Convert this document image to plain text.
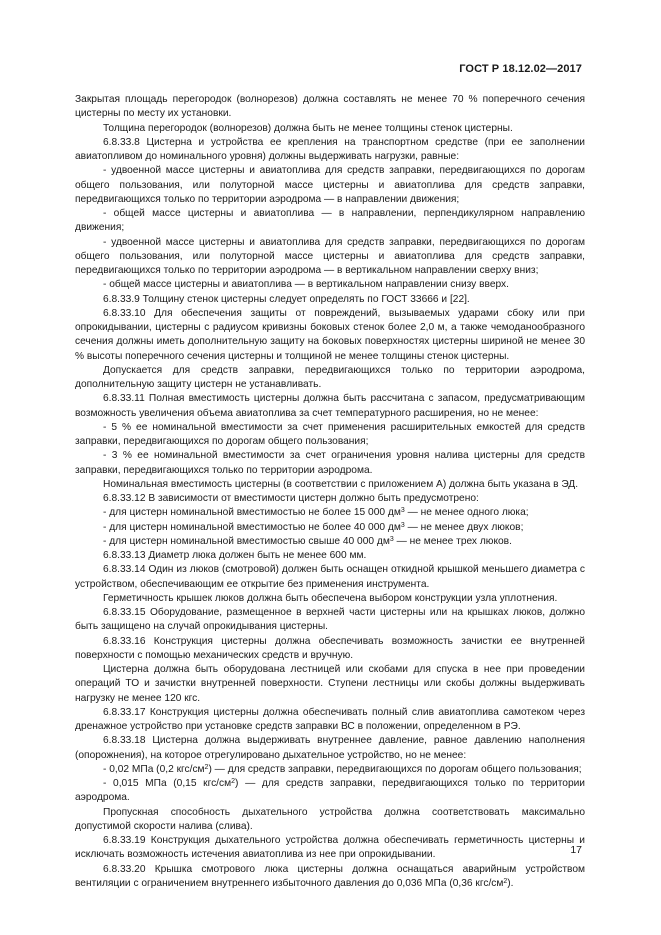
ГОСТ Р 18.12.02—2017

Закрытая площадь перегородок (волнорезов) должна составлять не менее 70 % поперечного сечения цистерны по месту их установки.

Толщина перегородок (волнорезов) должна быть не менее толщины стенок цистерны.

6.8.33.8 Цистерна и устройства ее крепления на транспортном средстве (при ее заполнении авиатопливом до номинального уровня) должны выдерживать нагрузки, равные:

- удвоенной массе цистерны и авиатоплива для средств заправки, передвигающихся по дорогам общего пользования, или полуторной массе цистерны и авиатоплива для средств заправки, передвигающихся только по территории аэродрома — в направлении движения;

- общей массе цистерны и авиатоплива — в направлении, перпендикулярном направлению движения;

- удвоенной массе цистерны и авиатоплива для средств заправки, передвигающихся по дорогам общего пользования, или полуторной массе цистерны и авиатоплива для средств заправки, передвигающихся только по территории аэродрома — в вертикальном направлении сверху вниз;

- общей массе цистерны и авиатоплива — в вертикальном направлении снизу вверх.

6.8.33.9 Толщину стенок цистерны следует определять по ГОСТ 33666 и [22].

6.8.33.10 Для обеспечения защиты от повреждений, вызываемых ударами сбоку или при опрокидывании, цистерны с радиусом кривизны боковых стенок более 2,0 м, а также чемоданообразного сечения должны иметь дополнительную защиту на боковых поверхностях цистерны шириной не менее 30 % высоты поперечного сечения цистерны и толщиной не менее толщины стенок цистерны.

Допускается для средств заправки, передвигающихся только по территории аэродрома, дополнительную защиту цистерн не устанавливать.

6.8.33.11 Полная вместимость цистерны должна быть рассчитана с запасом, предусматривающим возможность увеличения объема авиатоплива за счет температурного расширения, но не менее:

- 5 % ее номинальной вместимости за счет применения расширительных емкостей для средств заправки, передвигающихся по дорогам общего пользования;

- 3 % ее номинальной вместимости за счет ограничения уровня налива цистерны для средств заправки, передвигающихся только по территории аэродрома.

Номинальная вместимость цистерны (в соответствии с приложением А) должна быть указана в ЭД.

6.8.33.12 В зависимости от вместимости цистерн должно быть предусмотрено:

- для цистерн номинальной вместимостью не более 15 000 $дм^3$ — не менее одного люка;

- для цистерн номинальной вместимостью не более 40 000 $дм^3$ — не менее двух люков;

- для цистерн номинальной вместимостью свыше 40 000 $дм^3$ — не менее трех люков.

6.8.33.13 Диаметр люка должен быть не менее 600 мм.

6.8.33.14 Один из люков (смотровой) должен быть оснащен откидной крышкой меньшего диаметра с устройством, обеспечивающим ее открытие без применения инструмента.

Герметичность крышек люков должна быть обеспечена выбором конструкции узла уплотнения.

6.8.33.15 Оборудование, размещенное в верхней части цистерны или на крышках люков, должно быть защищено на случай опрокидывания цистерны.

6.8.33.16 Конструкция цистерны должна обеспечивать возможность зачистки ее внутренней поверхности с помощью механических средств и вручную.

Цистерна должна быть оборудована лестницей или скобами для спуска в нее при проведении операций ТО и зачистки внутренней поверхности. Ступени лестницы или скобы должны выдерживать нагрузку не менее 120 кгс.

6.8.33.17 Конструкция цистерны должна обеспечивать полный слив авиатоплива самотеком через дренажное устройство при установке средств заправки ВС в положении, определенном в РЭ.

6.8.33.18 Цистерна должна выдерживать внутреннее давление, равное давлению наполнения (опорожнения), на которое отрегулировано дыхательное устройство, но не менее:

- 0,02 МПа (0,2 кгс/$см^2$) — для средств заправки, передвигающихся по дорогам общего пользования;

- 0,015 МПа (0,15 кгс/$см^2$) — для средств заправки, передвигающихся только по территории аэродрома.

Пропускная способность дыхательного устройства должна соответствовать максимально допустимой скорости налива (слива).

6.8.33.19 Конструкция дыхательного устройства должна обеспечивать герметичность цистерны и исключать возможность истечения авиатоплива из нее при опрокидывании.

6.8.33.20 Крышка смотрового люка цистерны должна оснащаться аварийным устройством вентиляции с ограничением внутреннего избыточного давления до 0,036 МПа (0,36 кгс/$см^2$).

17
